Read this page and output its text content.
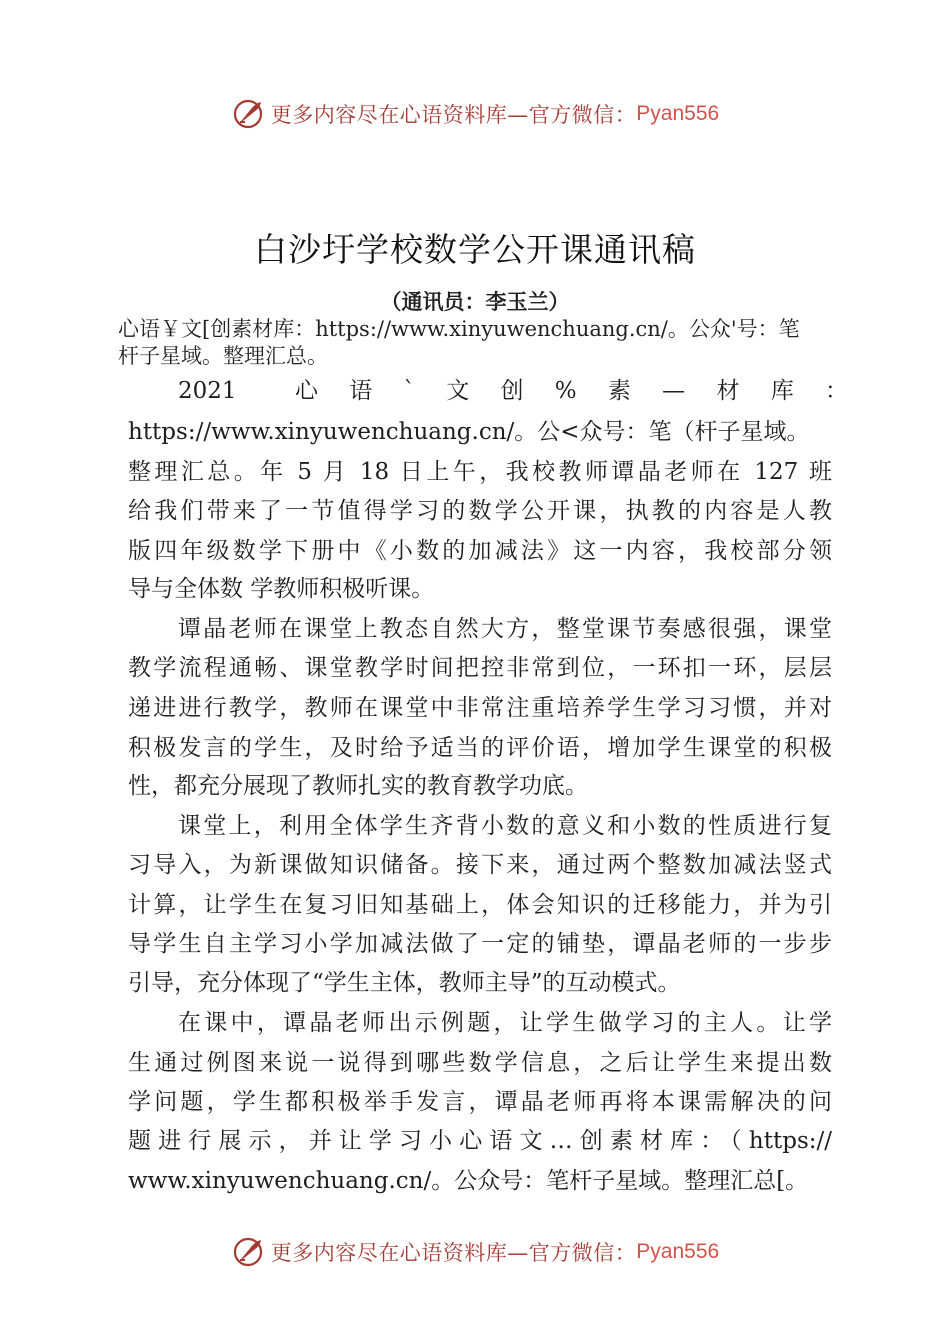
更多内容尽在心语资料库—官方微信： Pyan556
白沙圩学校数学公开课通讯稿
（通讯员：李玉兰）
心语￥文[创素材库：https://www.xinyuwenchuang.cn/。公众'号：笔杆子星域。整理汇总。
2021　　心　语　`　文　创　%　素　—　材　库　：
https://www.xinyuwenchuang.cn/。公<众号：笔（杆子星域。
整理汇总。年 5 月 18 日上午，我校教师谭晶老师在 127 班
给我们带来了一节值得学习的数学公开课，执教的内容是人教
版四年级数学下册中《小数的加减法》这一内容，我校部分领
导与全体数 学教师积极听课。
谭晶老师在课堂上教态自然大方，整堂课节奏感很强，课堂
教学流程通畅、课堂教学时间把控非常到位，一环扣一环，层层
递进进行教学，教师在课堂中非常注重培养学生学习习惯，并对
积极发言的学生，及时给予适当的评价语，增加学生课堂的积极
性，都充分展现了教师扎实的教育教学功底。
课堂上，利用全体学生齐背小数的意义和小数的性质进行复
习导入，为新课做知识储备。接下来，通过两个整数加减法竖式
计算，让学生在复习旧知基础上，体会知识的迁移能力，并为引
导学生自主学习小学加减法做了一定的铺垫，谭晶老师的一步步
引导，充分体现了“学生主体，教师主导”的互动模式。
在课中，谭晶老师出示例题，让学生做学习的主人。让学
生通过例图来说一说得到哪些数学信息，之后让学生来提出数
学问题，学生都积极举手发言，谭晶老师再将本课需解决的问
题进行展示，并让学习小心语文…创素材库：（https://
www.xinyuwenchuang.cn/。公众号：笔杆子星域。整理汇总[。
更多内容尽在心语资料库—官方微信： Pyan556
